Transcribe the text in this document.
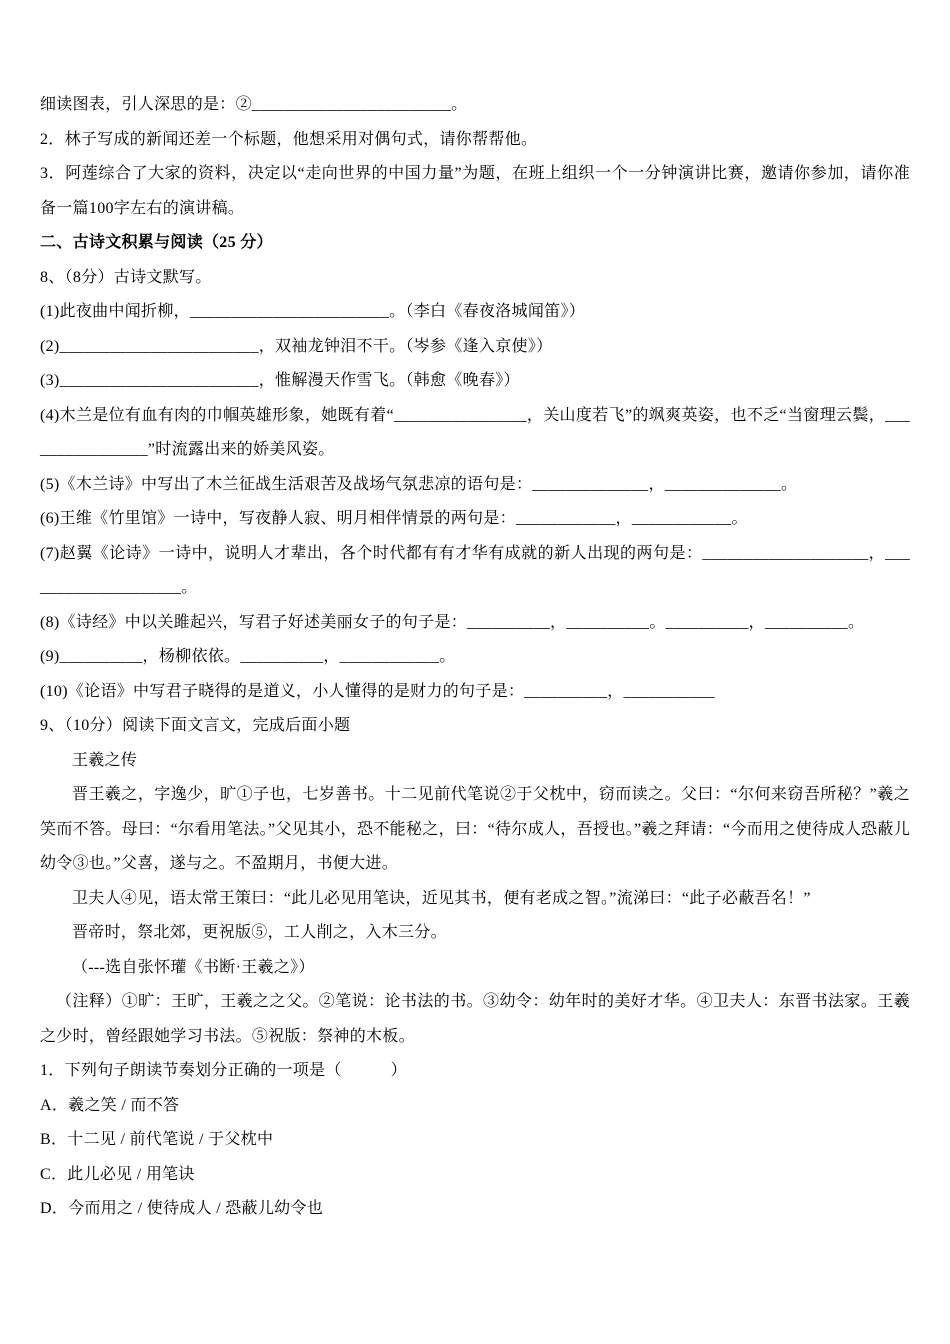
细读图表，引人深思的是：②________________________。

2．林子写成的新闻还差一个标题，他想采用对偶句式，请你帮帮他。

3．阿莲综合了大家的资料，决定以“走向世界的中国力量”为题，在班上组织一个一分钟演讲比赛，邀请你参加，请你准备一篇100字左右的演讲稿。

二、古诗文积累与阅读（25 分）

8、（8分）古诗文默写。

(1)此夜曲中闻折柳，________________________。（李白《春夜洛城闻笛》）

(2)________________________，双袖龙钟泪不干。（岑参《逢入京使》）

(3)________________________，惟解漫天作雪飞。（韩愈《晚春》）

(4)木兰是位有血有肉的巾帼英雄形象，她既有着“________________，关山度若飞”的飒爽英姿，也不乏“当窗理云鬓，________________”时流露出来的娇美风姿。

(5)《木兰诗》中写出了木兰征战生活艰苦及战场气氛悲凉的语句是：______________，______________。

(6)王维《竹里馆》一诗中，写夜静人寂、明月相伴情景的两句是：____________，____________。

(7)赵翼《论诗》一诗中，说明人才辈出，各个时代都有有才华有成就的新人出现的两句是：____________________，____________________。

(8)《诗经》中以关雎起兴，写君子好述美丽女子的句子是：__________，__________。__________，__________。

(9)__________，杨柳依依。__________，____________。

(10)《论语》中写君子晓得的是道义，小人懂得的是财力的句子是：__________，___________

9、（10分）阅读下面文言文，完成后面小题

王羲之传

晋王羲之，字逸少，旷①子也，七岁善书。十二见前代笔说②于父枕中，窃而读之。父曰：“尔何来窃吾所秘？”羲之笑而不答。母曰：“尔看用笔法。”父见其小，恐不能秘之，曰：“待尔成人，吾授也。”羲之拜请：“今而用之使待成人恐蔽儿幼令③也。”父喜，遂与之。不盈期月，书便大进。

卫夫人④见，语太常王策曰：“此儿必见用笔诀，近见其书，便有老成之智。”流涕曰：“此子必蔽吾名！”

晋帝时，祭北郊，更祝版⑤，工人削之，入木三分。

（---选自张怀瓘《书断·王羲之》）

（注释）①旷：王旷，王羲之之父。②笔说：论书法的书。③幼令：幼年时的美好才华。④卫夫人：东晋书法家。王羲之少时，曾经跟她学习书法。⑤祝版：祭神的木板。

1．下列句子朗读节奏划分正确的一项是（　　　）

A．羲之笑 / 而不答

B．十二见 / 前代笔说 / 于父枕中

C．此儿必见 / 用笔诀

D．今而用之 / 使待成人 / 恐蔽儿幼令也
